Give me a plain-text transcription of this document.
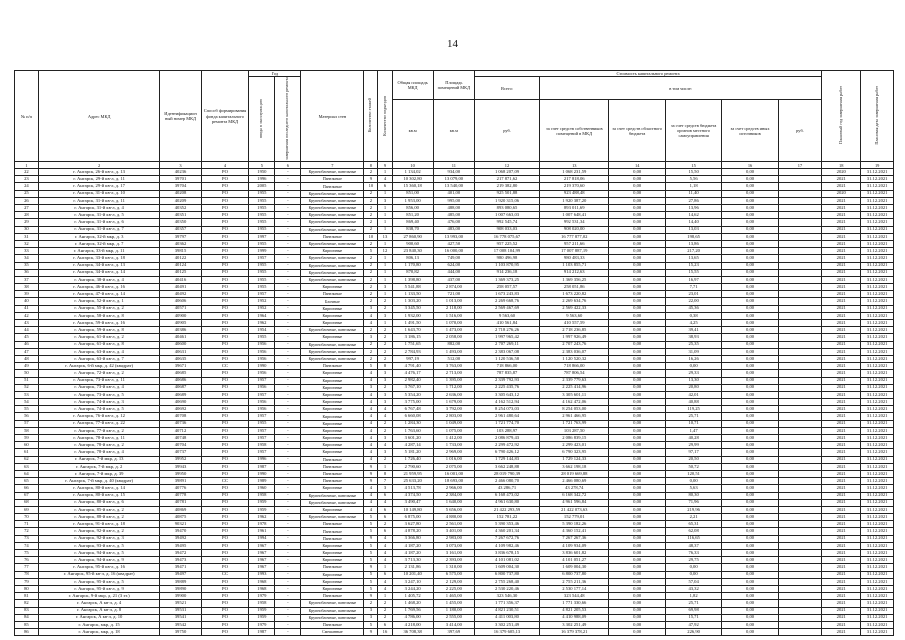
14
№ п/п	Адрес МКД	Идентификацион ный номер МКД	Способ формирования фонда капитального ремонта МКД	Год		Материал стен	Количество этажей	Количество подъездов	Общая площадь МКД	Площадь помещений МКД	Стоимость капитального ремонта						Плановый год завершения работ	Плановая дата завершения работ
				ввода в эксплуатацию	завершения последнего капитального ремонта						Всего:	в том числе:						
									кв.м	кв.м	руб.	за счет средств собственников помещений в МКД	за счет средств областного бюджета	за счет средств бюджета органов местного самоуправления	за счет средств иных источников	руб.		
1	2	3	4	5	6	7	8	9	10	11	12	13	14	15	16	17	18	19
22	г. Ангарск, 26-й кв-л, д. 13	40236	РО	1950	-	Крупноблочные, панельные	2	1	1 134,02	934,00	1 068 207,09	1 068 231,59	0,00	15,50	0,00		2020	31.12.2021
23	г. Ангарск, 29-й кв-л, д. 11	39701	РО	1996	-	Панельные	9	4	10 302,80	13 079,00	217 871,62	217 818,06	0,00	5,56	0,00		2021	31.12.2021
24	г. Ангарск, 29-й кв-л, д. 17	39704	РО	2005	-	Панельные	10	6	15 360,18	13 540,00	219 382,80	219 370,60	0,00	1,18	0,00		2021	31.12.2021
25	г. Ангарск, 31-й кв-л, д. 10	40208	РО	1955	-	Крупноблочные, панельные	2	1	851,00	401,00	925 501,88	923 488,48	0,00	11,40	0,00		2020	31.12.2021
26	г. Ангарск, 31-й кв-л, д. 11	40209	РО	1955	-	Крупноблочные, панельные	2	3	1 953,00	995,00	1 920 315,06	1 920 387,20	0,00	27,86	0,00		2021	31.12.2021
27	г. Ангарск, 31-й кв-л, д. 4	40352	РО	1955	-	Крупноблочные, панельные	2	1	856,00	488,00	893 080,65	893 011,69	0,00	13,96	0,00		2021	31.12.2021
28	г. Ангарск, 31-й кв-л, д. 5	40351	РО	1955	-	Крупноблочные, панельные	2	1	851,20	485,00	1 007 663,03	1 007 648,41	0,00	14,62	0,00		2021	31.12.2021
29	г. Ангарск, 31-й кв-л, д. 6	40350	РО	1955	-	Крупноблочные, панельные	2	1	869,40	476,00	992 545,74	992 531,34	0,00	14,40	0,00		2021	31.12.2021
30	г. Ангарск, 31-й кв-л, д. 7	40357	РО	1955	-	Крупноблочные, панельные	2	1	838,70	483,00	908 033,03	908 020,00	0,00	13,03	0,00		2021	31.12.2021
31	г. Ангарск, 32-й мкр, д. 3	39797	РО	1997	-	Панельные	10	13	27 860,90	13 993,00	16 778 075,67	16 777 877,02	0,00	198,65	0,00		2021	31.12.2021
32	г. Ангарск, 32-й мкр, д. 7	40362	РО	1955	-	Крупноблочные, панельные	2	1	900,60	427,50	957 225,52	957 211,66	0,00	13,86	0,00		2021	31.12.2021
33	г. Ангарск, 33-й мкр, д. 11	39815	РО	1999	-	Кирпичные	5	12	23 840,30	16 000,00	17 008 104,99	17 007 887,19	0,00	217,20	0,00		2021	31.12.2021
34	г. Ангарск, 33-й кв-л, д. 18	40122	РО	1957	-	Крупноблочные, панельные	2	1	806,13	749,00	980 496,98	980 483,33	0,00	13,65	0,00		2021	31.12.2021
35	г. Ангарск, 34-й кв-л, д. 13	40124	РО	1955	-	Крупноблочные, панельные	2	1	1 170,80	624,00	1 103 870,95	1 103 855,71	0,00	15,23	0,00		2021	31.12.2021
36	г. Ангарск, 34-й кв-л, д. 14	40125	РО	1955	-	Крупноблочные, панельные	2	1	870,82	444,00	914 236,18	914 212,63	0,00	15,55	0,00		2021	31.12.2021
37	г. Ангарск, 38-й кв-л, д. 4	40416	РО	1955	-	Крупноблочные, панельные	2	1	1 398,80	437,00	1 369 373,25	1 369 356,25	0,00	16,97	0,00		2021	31.12.2021
38	г. Ангарск, 46-й кв-л, д. 16	40491	РО	1955	-	Кирпичные	2	3	5 541,88	2 874,00	258 057,57	258 051,86	0,00	7,71	0,00		2021	31.12.2021
39	г. Ангарск, 47-й кв-л, д. 14	40492	РО	1957	-	Панельные	2	1	1 133,50	721,00	1 673 243,83	1 673 220,82	0,00	23,01	0,00		2021	31.12.2021
40	г. Ангарск, 52-й кв-л, д. 1	40606	РО	1952	-	Блочные	2	2	1 303,20	1 013,00	2 269 668,76	2 269 634,76	0,00	22,00	0,00		2021	31.12.2021
41	г. Ангарск, 55-й кв-л, д. 2	40571	РО	1952	-	Кирпичные	3	2	3 345,50	2 118,00	2 569 467,69	2 569 422,33	0,00	45,36	0,00		2021	31.12.2021
42	г. Ангарск, 58-й кв-л, д. 8	40900	РО	1964	-	Кирпичные	4	3	1 932,00	1 516,00	9 563,60	9 563,60	0,00	0,38	0,00		2021	31.12.2021
43	г. Ангарск, 59-й кв-л, д. 16	40905	РО	1962	-	Кирпичные	4	1	1 491,50	1 070,00	410 561,84	410 557,59	0,00	4,25	0,00		2021	31.12.2021
44	г. Ангарск, 59-й кв-л, д. 8	40386	РО	1954	-	Крупноблочные, панельные	2	2	1 643,70	1 473,00	2 718 276,26	2 718 236,85	0,00	39,41	0,00		2021	31.12.2021
45	г. Ангарск, 61-й кв-л, д. 2	40461	РО	1955	-	Кирпичные	3	2	3 186,15	2 058,00	1 997 965,42	1 997 926,49	0,00	38,93	0,00		2021	31.12.2021
46	г. Ангарск, 61-й кв-л, д. 8	40600	РО	1956	-	Крупноблочные, панельные	2	2	1 751,65	882,00	2 707 269,11	2 707 243,76	0,00	25,35	0,00		2021	31.12.2021
47	г. Ангарск, 63-й кв-л, д. 4	40631	РО	1956	-	Крупноблочные, панельные	2	2	2 784,93	1 493,00	2 383 067,08	2 383 036,07	0,00	31,09	0,00		2021	31.12.2021
48	г. Ангарск, 63-й кв-л, д. 7	40635	РО	1956	-	Крупноблочные, панельные	2	2	997,19	512,00	1 120 536,58	1 120 520,32	0,00	16,26	0,00		2021	31.12.2021
49	г. Ангарск, 6-й мкр, д. 42 (квадрат)	39671	СС	1990	-	Панельные	5	8	4 791,40	3 763,00	718 866,00	718 866,00	0,00	0,00	0,00		2021	31.12.2021
50	г. Ангарск, 72-й кв-л, д. 2	40685	РО	1956	-	Кирпичные	4	3	4 476,17	2 713,00	787 835,87	787 806,54	0,00	29,33	0,00		2021	31.12.2021
51	г. Ангарск, 73-й кв-л, д. 11	40686	РО	1957	-	Кирпичные	4	3	2 982,40	1 395,00	2 339 792,93	2 339 779,63	0,00	13,30	0,00		2021	31.12.2021
52	г. Ангарск, 73-й кв-л, д. 4	40687	РО	1956	-	Кирпичные	3	2	3 767,10	1 712,00	2 225 435,76	2 225 414,96	0,00	20,80	0,00		2021	31.12.2021
53	г. Ангарск, 73-й кв-л, д. 5	40689	РО	1957	-	Кирпичные	4	3	5 354,20	2 636,00	3 305 643,12	3 305 601,11	0,00	42,01	0,00		2021	31.12.2021
54	г. Ангарск, 74-й кв-л, д. 3	40690	РО	1956	-	Кирпичные	4	3	3 775,00	1 679,00	4 162 512,94	4 162 472,06	0,00	40,88	0,00		2021	31.12.2021
55	г. Ангарск, 74-й кв-л, д. 5	40692	РО	1956	-	Кирпичные	4	4	6 767,48	3 792,00	8 254 073,03	8 254 053,00	0,00	119,25	0,00		2021	31.12.2021
56	г. Ангарск, 76-й кв-л, д. 12	40708	РО	1957	-	Кирпичные	4	4	6 660,08	2 803,00	2 961 480,64	2 961 466,95	0,00	25,71	0,00		2021	31.12.2021
57	г. Ангарск, 77-й кв-л, д. 22	40736	РО	1955	-	Кирпичные	4	2	1 284,30	1 049,00	1 721 774,70	1 721 763,99	0,00	10,71	0,00		2021	31.12.2021
58	г. Ангарск, 77-й кв-л, д. 2	40712	РО	1957	-	Кирпичные	4	2	1 763,60	1 075,00	103 288,97	103 287,50	0,00	1,47	0,00		2021	31.12.2021
59	г. Ангарск, 78-й кв-л, д. 11	40748	РО	1957	-	Кирпичные	4	3	3 601,20	1 412,00	2 086 879,43	2 086 839,15	0,00	40,28	0,00		2021	31.12.2021
60	г. Ангарск, 78-й кв-л, д. 2	40704	РО	1958	-	Кирпичные	4	4	4 287,14	1 733,00	2 299 472,92	2 299 423,01	0,00	29,99	0,00		2021	31.12.2021
61	г. Ангарск, 78-й кв-л, д. 4	40737	РО	1957	-	Кирпичные	4	3	5 181,20	2 969,00	6 790 426,12	6 790 323,95	0,00	97,17	0,00		2021	31.12.2021
62	г. Ангарск, 7-й мкр, д. 13	39952	РО	1996	-	Панельные	4	2	1 726,40	1 016,00	1 729 144,83	1 729 124,33	0,00	20,50	0,00		2021	31.12.2021
63	г. Ангарск, 7-й мкр, д. 2	39943	РО	1987	-	Панельные	9	1	2 790,60	2 075,00	3 662 248,88	3 662 198,18	0,00	50,72	0,00		2021	31.12.2021
64	г. Ангарск, 7-й мкр, д. 39	39950	РО	1990	-	Панельные	9	8	21 959,95	16 001,00	28 019 790,39	28 019 669,88	0,00	120,51	0,00		2021	31.12.2021
65	г. Ангарск, 7-й мкр, д. 40 (квадрат)	39891	СС	1989	-	Панельные	9	7	25 633,20	18 693,00	2 466 080,70	2 466 080,69	0,00	0,00	0,00		2021	31.12.2021
66	г. Ангарск, 80-й кв-л, д. 14	40776	РО	1960	-	Кирпичные	4	3	4 513,78	2 966,00	43 286,71	43 278,74	0,00	5,63	0,00		2021	31.12.2021
67	г. Ангарск, 80-й кв-л, д. 15	40778	РО	1958	-	Крупноблочные, панельные	4	6	4 374,50	2 384,00	6 168 473,02	6 168 342,72	0,00	80,30	0,00		2021	31.12.2021
68	г. Ангарск, 80-й кв-л, д. 6	40781	РО	1959	-	Крупноблочные, панельные	4	4	3 490,47	1 640,00	4 961 630,80	4 961 596,84	0,00	71,96	0,00		2021	31.12.2021
69	г. Ангарск, 85-й кв-л, д. 2	40869	РО	1959	-	Кирпичные	4	6	10 149,80	5 656,00	21 422 293,59	21 422 073,63	0,00	219,96	0,00		2021	31.12.2021
70	г. Ангарск, 88-й кв-л, д. 2	40875	РО	1962	-	Крупноблочные, панельные	5	6	6 875,00	4 880,00	152 781,22	152 779,01	0,00	2,21	0,00		2021	31.12.2021
71	г. Ангарск, 91-й кв-л, д. 18	90321	РО	1978	-	Панельные	5	2	3 627,80	2 561,00	5 390 353,46	5 390 182,26	0,00	65,31	0,00		2021	31.12.2021
72	г. Ангарск, 92-й кв-л, д. 2	39470	РО	1961	-	Панельные	5	6	4 878,20	3 401,00	4 360 201,34	4 360 152,41	0,00	62,08	0,00		2021	31.12.2021
73	г. Ангарск, 92-й кв-л, д. 3	39492	РО	1994	-	Панельные	9	4	3 366,80	2 983,00	7 267 672,76	7 267 267,36	0,00	116,65	0,00		2021	31.12.2021
74	г. Ангарск, 93-й кв-л, д. 5	39495	РО	1967	-	Кирпичные	5	4	4 187,20	3 073,00	4 109 982,46	4 109 934,09	0,00	48,37	0,00		2021	31.12.2021
75	г. Ангарск, 94-й кв-л, д. 5	39472	РО	1967	-	Кирпичные	5	4	4 187,20	3 161,00	3 836 678,15	3 836 601,82	0,00	76,33	0,00		2021	31.12.2021
76	г. Ангарск, 94-й кв-л, д. 9	39473	РО	1967	-	Кирпичные	5	4	3 713,30	2 393,00	4 101 081,02	4 101 051,27	0,00	29,75	0,00		2021	31.12.2021
77	г. Ангарск, 95-й кв-л, д. 16	39471	РО	1967	-	Панельные	9	1	2 131,86	1 310,00	1 609 004,30	1 609 004,30	0,00	0,00	0,00		2021	31.12.2021
78	г. Ангарск, 95-й кв-л, д. 16 (квадрат)	39497	СС	1993	-	Кирпичные	5	6	10 201,40	6 575,00	6 800 737,80	6 800 737,80	0,00	0,00	0,00		2021	31.12.2021
79	г. Ангарск, 95-й кв-л, д. 5	39889	РО	1968	-	Кирпичные	5	4	3 247,10	2 129,00	2 755 268,40	2 755 211,36	0,00	57,04	0,00		2021	31.12.2021
80	г. Ангарск, 95-й кв-л, д. 9	39890	РО	1968	-	Кирпичные	5	4	3 244,20	2 225,00	2 530 220,46	2 530 177,14	0,00	43,32	0,00		2021	31.12.2021
81	г. Ангарск, 9-й мкр, д. 21 (3 эт.)	39900	РО	1979	-	Панельные	9	1	1 405,72	1 465,00	323 546,30	323 544,48	0,00	1,82	0,00		2021	31.12.2021
82	г. Ангарск, А кв-л, д. 4	39521	РО	1958	-	Крупноблочные, панельные	2	2	1 468,20	1 455,00	1 771 356,37	1 771 330,66	0,00	25,71	0,00		2021	31.12.2021
83	г. Ангарск, А кв-л, д. 8	39531	РО	1959	-	Крупноблочные, панельные	3	2	1 769,56	1 180,00	4 821 230,51	4 821 205,53	0,00	69,98	0,00		2021	31.12.2021
84	г. Ангарск, А кв-л, д. 10	39541	РО	1959	-	Крупноблочные, панельные	3	2	4 786,00	2 555,00	4 411 003,80	4 410 988,09	0,00	15,71	0,00		2021	31.12.2021
85	г. Ангарск, мкр, д. 15	39542	РО	1979	-	Панельные	5	6	4 218,00	3 414,00	3 302 251,49	3 302 251,49	0,00	47,92	0,00		2021	31.12.2021
86	г. Ангарск, мкр, д. 18	39750	РО	1987	-	Смешанные	9	16	36 708,38	397,69	16 379 605,13	16 379 378,21	0,00	226,90	0,00		2021	31.12.2021
